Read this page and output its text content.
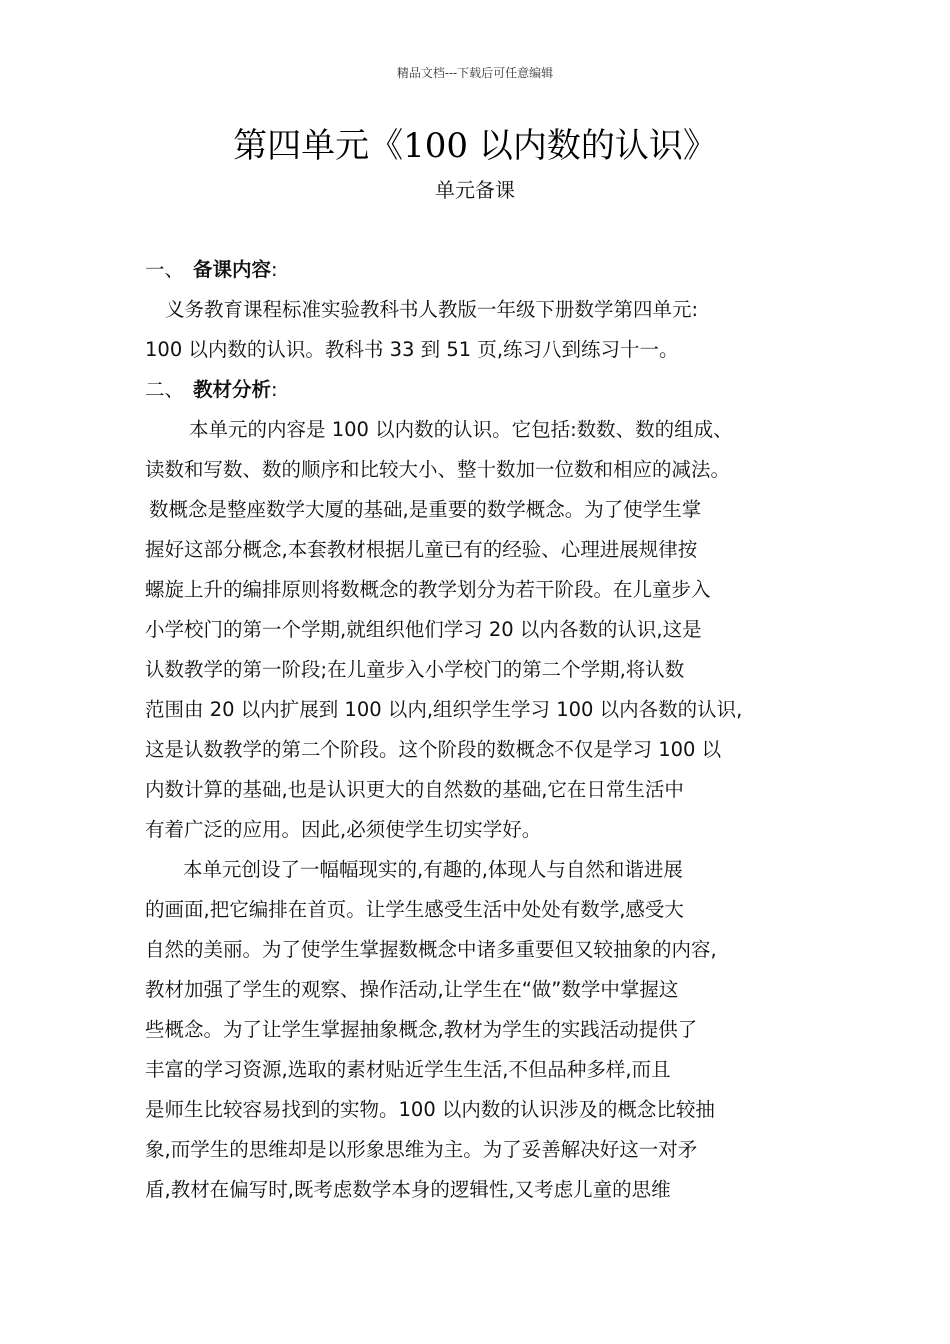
精品文档---下载后可任意编辑
第四单元《100 以内数的认识》
单元备课
一、 备课内容:
义务教育课程标准实验教科书人教版一年级下册数学第四单元:
100 以内数的认识。教科书 33 到 51 页,练习八到练习十一。
二、 教材分析:
本单元的内容是 100 以内数的认识。它包括:数数、数的组成、
读数和写数、数的顺序和比较大小、整十数加一位数和相应的减法。
数概念是整座数学大厦的基础,是重要的数学概念。为了使学生掌
握好这部分概念,本套教材根据儿童已有的经验、心理进展规律按
螺旋上升的编排原则将数概念的教学划分为若干阶段。在儿童步入
小学校门的第一个学期,就组织他们学习 20 以内各数的认识,这是
认数教学的第一阶段;在儿童步入小学校门的第二个学期,将认数
范围由 20 以内扩展到 100 以内,组织学生学习 100 以内各数的认识,
这是认数教学的第二个阶段。这个阶段的数概念不仅是学习 100 以
内数计算的基础,也是认识更大的自然数的基础,它在日常生活中
有着广泛的应用。因此,必须使学生切实学好。
本单元创设了一幅幅现实的,有趣的,体现人与自然和谐进展
的画面,把它编排在首页。让学生感受生活中处处有数学,感受大
自然的美丽。为了使学生掌握数概念中诸多重要但又较抽象的内容,
教材加强了学生的观察、操作活动,让学生在“做”数学中掌握这
些概念。为了让学生掌握抽象概念,教材为学生的实践活动提供了
丰富的学习资源,选取的素材贴近学生生活,不但品种多样,而且
是师生比较容易找到的实物。100 以内数的认识涉及的概念比较抽
象,而学生的思维却是以形象思维为主。为了妥善解决好这一对矛
盾,教材在偏写时,既考虑数学本身的逻辑性,又考虑儿童的思维
